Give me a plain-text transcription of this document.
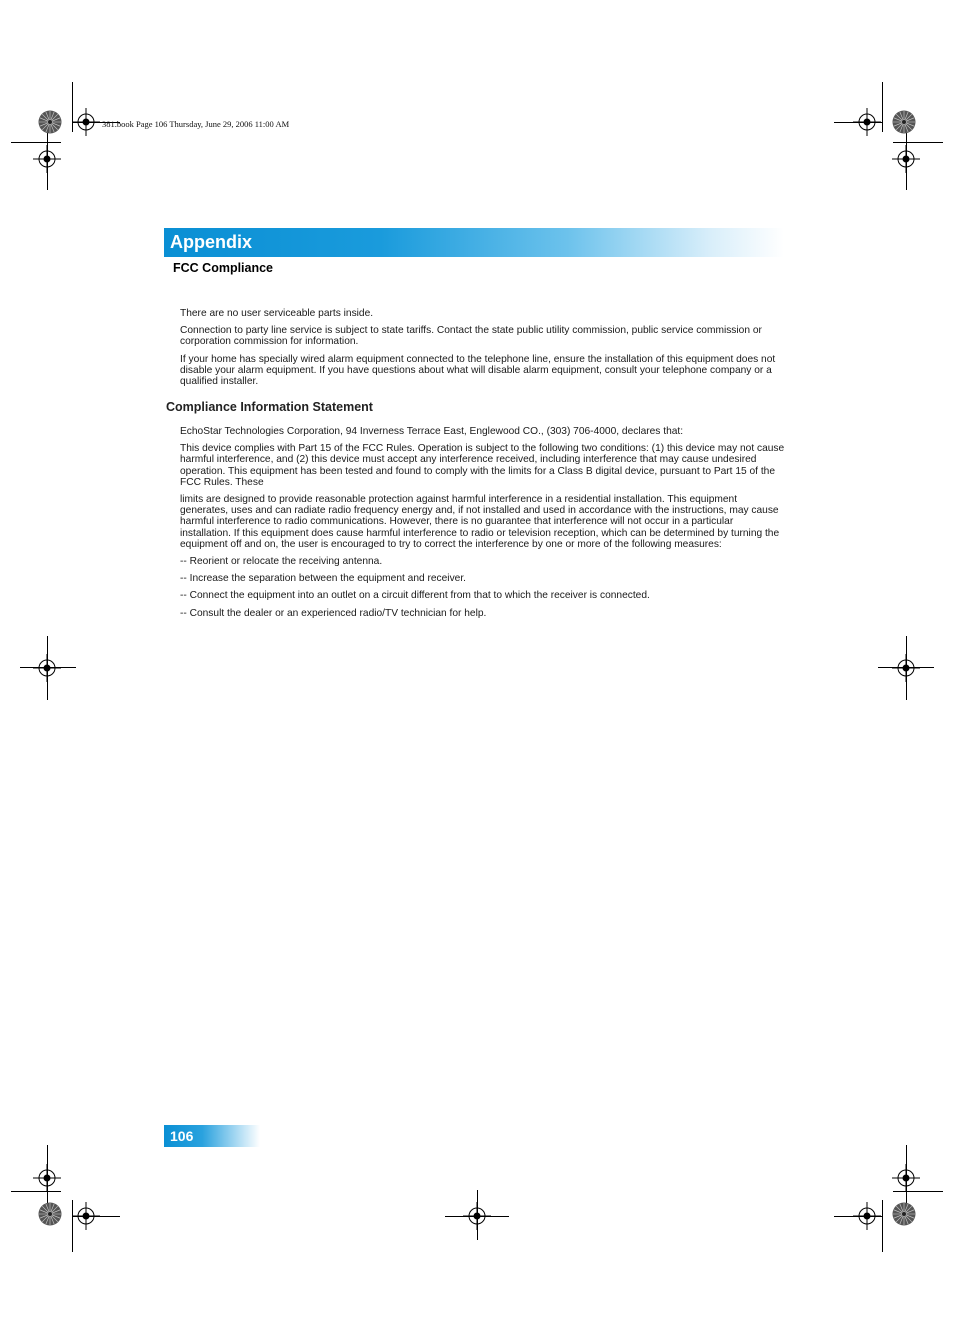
381.book Page 106 Thursday, June 29, 2006 11:00 AM
Appendix
FCC Compliance

There are no user serviceable parts inside.

Connection to party line service is subject to state tariffs. Contact the state public utility commission, public service commission or corporation commission for information.

If your home has specially wired alarm equipment connected to the telephone line, ensure the installation of this equipment does not disable your alarm equipment. If you have questions about what will disable alarm equipment, consult your telephone company or a qualified installer.

Compliance Information Statement

EchoStar Technologies Corporation, 94 Inverness Terrace East, Englewood CO., (303) 706-4000, declares that:

This device complies with Part 15 of the FCC Rules. Operation is subject to the following two conditions: (1) this device may not cause harmful interference, and (2) this device must accept any interference received, including interference that may cause undesired operation. This equipment has been tested and found to comply with the limits for a Class B digital device, pursuant to Part 15 of the FCC Rules. These

limits are designed to provide reasonable protection against harmful interference in a residential installation. This equipment generates, uses and can radiate radio frequency energy and, if not installed and used in accordance with the instructions, may cause harmful interference to radio communications. However, there is no guarantee that interference will not occur in a particular installation. If this equipment does cause harmful interference to radio or television reception, which can be determined by turning the equipment off and on, the user is encouraged to try to correct the interference by one or more of the following measures:

-- Reorient or relocate the receiving antenna.

-- Increase the separation between the equipment and receiver.

-- Connect the equipment into an outlet on a circuit different from that to which the receiver is connected.

-- Consult the dealer or an experienced radio/TV technician for help.

106
